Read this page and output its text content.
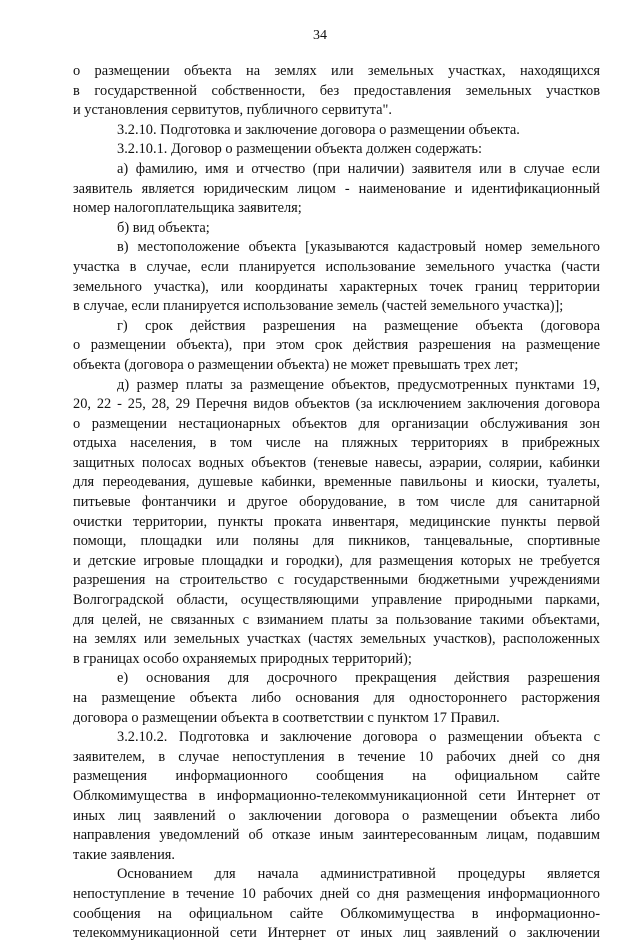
34
о размещении объекта на землях или земельных участках, находящихся
в государственной собственности, без предоставления земельных участков
и установления сервитутов, публичного сервитута".
3.2.10. Подготовка и заключение договора о размещении объекта.
3.2.10.1. Договор о размещении объекта должен содержать:
а) фамилию, имя и отчество (при наличии) заявителя или в случае если
заявитель является юридическим лицом - наименование и идентификационный
номер налогоплательщика заявителя;
б) вид объекта;
в) местоположение объекта [указываются кадастровый номер земельного
участка в случае, если планируется использование земельного участка (части
земельного участка), или координаты характерных точек границ территории
в случае, если планируется использование земель (частей земельного участка)];
г) срок действия разрешения на размещение объекта (договора
о размещении объекта), при этом срок действия разрешения на размещение
объекта (договора о размещении объекта) не может превышать трех лет;
д) размер платы за размещение объектов, предусмотренных пунктами 19,
20, 22 - 25, 28, 29 Перечня видов объектов (за исключением заключения договора
о размещении нестационарных объектов для организации обслуживания зон
отдыха населения, в том числе на пляжных территориях в прибрежных
защитных полосах водных объектов (теневые навесы, аэрарии, солярии, кабинки
для переодевания, душевые кабинки, временные павильоны и киоски, туалеты,
питьевые фонтанчики и другое оборудование, в том числе для санитарной
очистки территории, пункты проката инвентаря, медицинские пункты первой
помощи, площадки или поляны для пикников, танцевальные, спортивные
и детские игровые площадки и городки), для размещения которых не требуется
разрешения на строительство с государственными бюджетными учреждениями
Волгоградской области, осуществляющими управление природными парками,
для целей, не связанных с взиманием платы за пользование такими объектами,
на землях или земельных участках (частях земельных участков), расположенных
в границах особо охраняемых природных территорий);
е) основания для досрочного прекращения действия разрешения
на размещение объекта либо основания для одностороннего расторжения
договора о размещении объекта в соответствии с пунктом 17 Правил.
3.2.10.2. Подготовка и заключение договора о размещении объекта с
заявителем, в случае непоступления в течение 10 рабочих дней со дня
размещения информационного сообщения на официальном сайте
Облкомимущества в информационно-телекоммуникационной сети Интернет от
иных лиц заявлений о заключении договора о размещении объекта либо
направления уведомлений об отказе иным заинтересованным лицам, подавшим
такие заявления.
Основанием для начала административной процедуры является
непоступление в течение 10 рабочих дней со дня размещения информационного
сообщения на официальном сайте Облкомимущества в информационно-
телекоммуникационной сети Интернет от иных лиц заявлений о заключении
